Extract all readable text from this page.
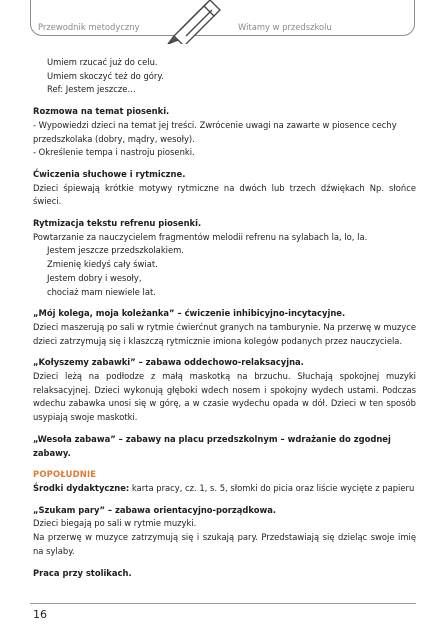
Przewodnik metodyczny	Witamy w przedszkolu

Umiem rzucać już do celu.

Umiem skoczyć też do góry.

Ref: Jestem jeszcze…

Rozmowa na temat piosenki.

- Wypowiedzi dzieci na temat jej treści. Zwrócenie uwagi na zawarte w piosence cechy

przedszkolaka (dobry, mądry, wesoły).

- Określenie tempa i nastroju piosenki.

Ćwiczenia słuchowe i rytmiczne.

Dzieci śpiewają krótkie motywy rytmiczne na dwóch lub trzech dźwiękach Np. słońce świeci.

Rytmizacja tekstu refrenu piosenki.

Powtarzanie za nauczycielem fragmentów melodii refrenu na sylabach la, lo, la.

Jestem jeszcze przedszkolakiem.

Zmienię kiedyś cały świat.

Jestem dobry i wesoły,

chociaż mam niewiele lat.

„Mój kolega, moja koleżanka” – ćwiczenie inhibicyjno-incytacyjne.

Dzieci maszerują po sali w rytmie ćwierćnut granych na tamburynie. Na przerwę w muzyce dzieci zatrzymują się i klaszczą rytmicznie imiona kolegów podanych przez nauczyciela.

„Kołyszemy zabawki” – zabawa oddechowo-relaksacyjna.

Dzieci leżą na podłodze z małą maskotką na brzuchu. Słuchają spokojnej muzyki relaksacyjnej. Dzieci wykonują głęboki wdech nosem i spokojny wydech ustami. Podczas wdechu zabawka unosi się w górę, a w czasie wydechu opada w dół. Dzieci w ten sposób usypiają swoje maskotki.

„Wesoła zabawa” – zabawy na placu przedszkolnym – wdrażanie do zgodnej zabawy.

POPOŁUDNIE

Środki dydaktyczne: karta pracy, cz. 1, s. 5, słomki do picia oraz liście wycięte z papieru

„Szukam pary” – zabawa orientacyjno-porządkowa.

Dzieci biegają po sali w rytmie muzyki.

Na przerwę w muzyce zatrzymują się i szukają pary. Przedstawiają się dzieląc swoje imię na sylaby.

Praca przy stolikach.

16
